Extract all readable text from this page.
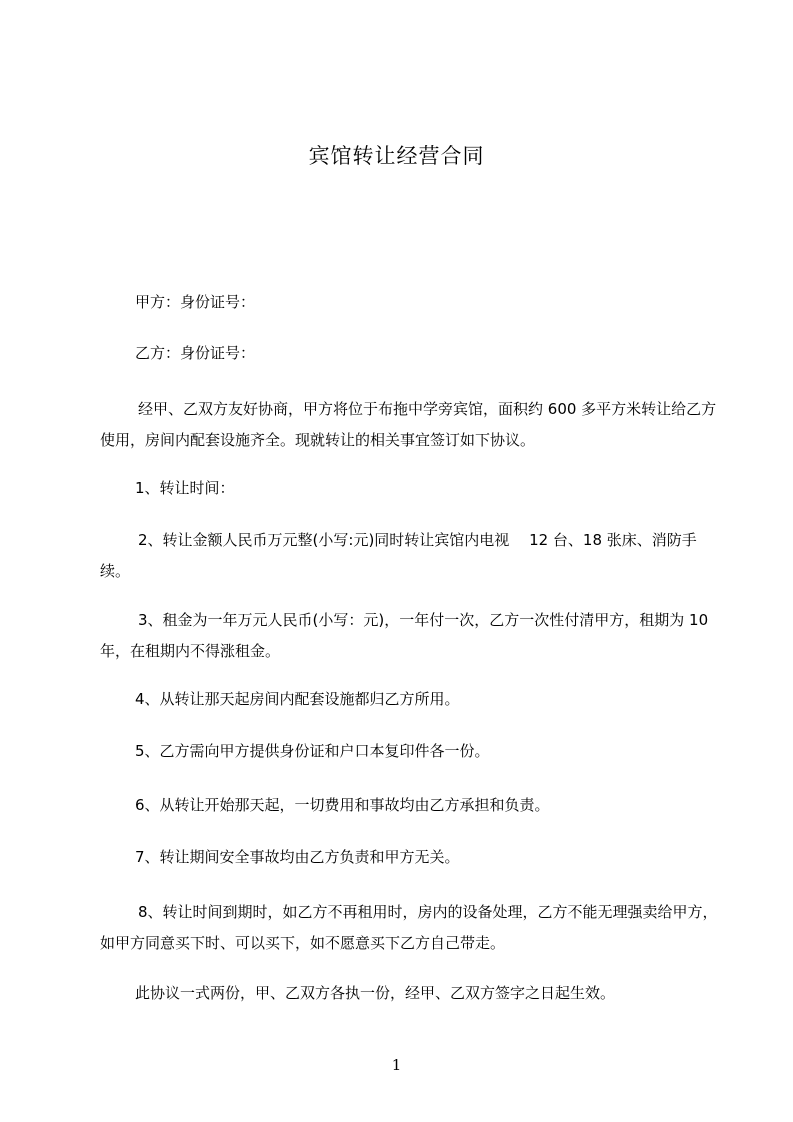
宾馆转让经营合同
甲方：身份证号：
乙方：身份证号：
经甲、乙双方友好协商，甲方将位于布拖中学旁宾馆，面积约 600 多平方米转让给乙方使用，房间内配套设施齐全。现就转让的相关事宜签订如下协议。
1、转让时间：
2、转让金额人民币万元整(小写:元)同时转让宾馆内电视　 12 台、18 张床、消防手续。
3、租金为一年万元人民币(小写：元)，一年付一次，乙方一次性付清甲方，租期为 10 年，在租期内不得涨租金。
4、从转让那天起房间内配套设施都归乙方所用。
5、乙方需向甲方提供身份证和户口本复印件各一份。
6、从转让开始那天起，一切费用和事故均由乙方承担和负责。
7、转让期间安全事故均由乙方负责和甲方无关。
8、转让时间到期时，如乙方不再租用时，房内的设备处理，乙方不能无理强卖给甲方，如甲方同意买下时、可以买下，如不愿意买下乙方自己带走。
此协议一式两份，甲、乙双方各执一份，经甲、乙双方签字之日起生效。
1
